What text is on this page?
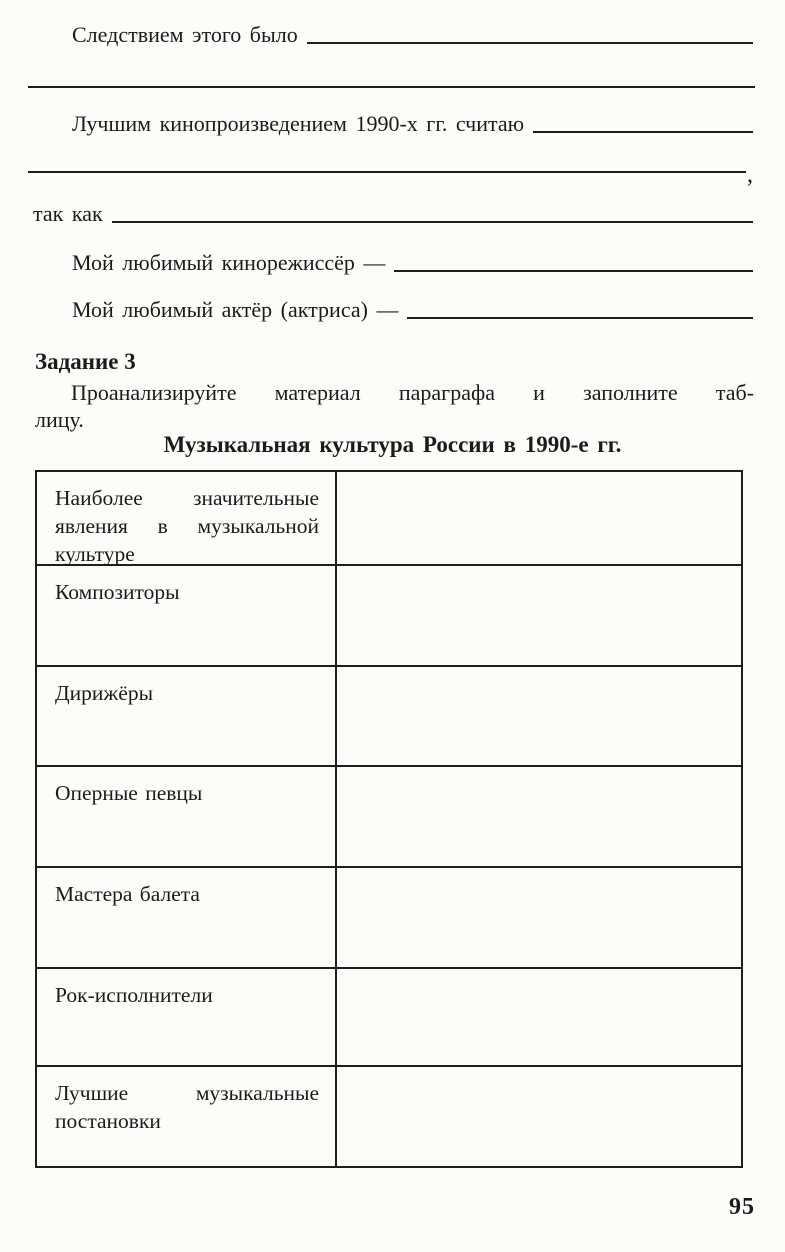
Следствием этого было
Лучшим кинопроизведением 1990-х гг. считаю
,
так как
Мой любимый кинорежиссёр —
Мой любимый актёр (актриса) —
Задание 3
Проанализируйте материал параграфа и заполните таб-
лицу.
Музыкальная культура России в 1990-е гг.
Наиболее значительные явления в музыкальной культуре
Композиторы
Дирижёры
Оперные певцы
Мастера балета
Рок-исполнители
Лучшие музыкальные постановки
95
